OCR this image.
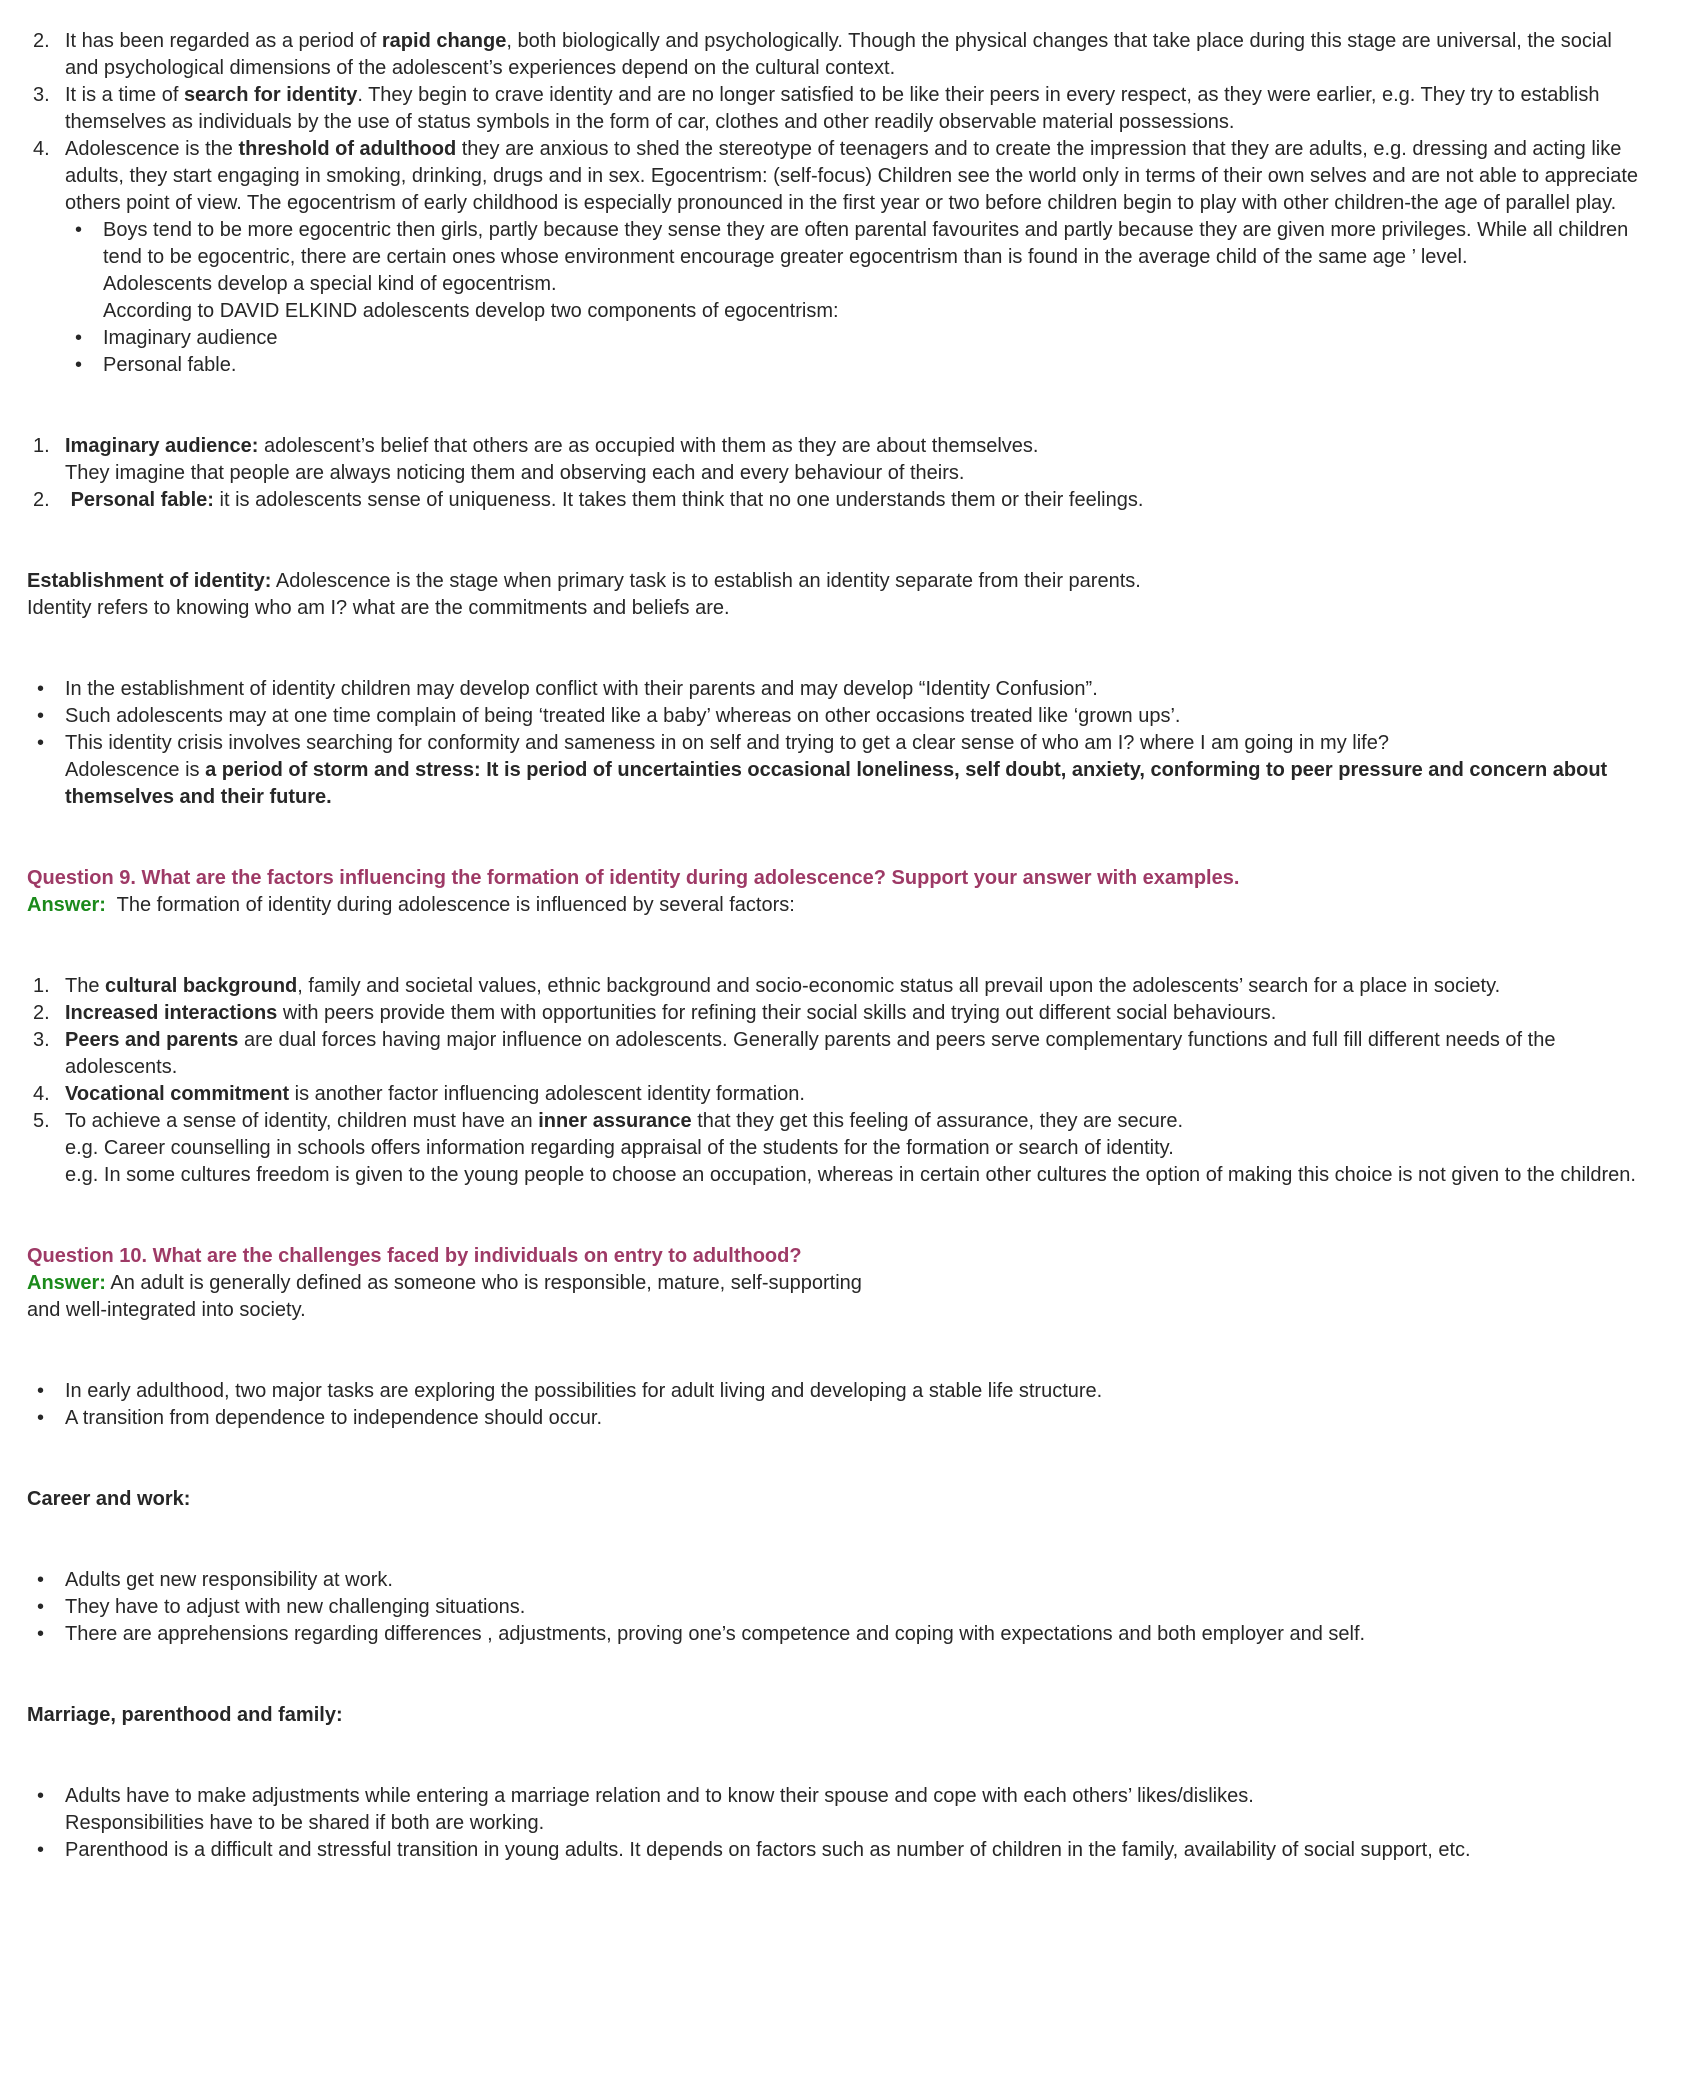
2. It has been regarded as a period of rapid change, both biologically and psychologically. Though the physical changes that take place during this stage are universal, the social and psychological dimensions of the adolescent’s experiences depend on the cultural context.
3. It is a time of search for identity. They begin to crave identity and are no longer satisfied to be like their peers in every respect, as they were earlier, e.g. They try to establish themselves as individuals by the use of status symbols in the form of car, clothes and other readily observable material possessions.
4. Adolescence is the threshold of adulthood they are anxious to shed the stereotype of teenagers and to create the impression that they are adults, e.g. dressing and acting like adults, they start engaging in smoking, drinking, drugs and in sex. Egocentrism: (self-focus) Children see the world only in terms of their own selves and are not able to appreciate others point of view. The egocentrism of early childhood is especially pronounced in the first year or two before children begin to play with other children-the age of parallel play.
•	Boys tend to be more egocentric then girls, partly because they sense they are often parental favourites and partly because they are given more privileges. While all children tend to be egocentric, there are certain ones whose environment encourage greater egocentrism than is found in the average child of the same age ’ level.
Adolescents develop a special kind of egocentrism.
According to DAVID ELKIND adolescents develop two components of egocentrism:
•	Imaginary audience
•	Personal fable.
1. Imaginary audience: adolescent’s belief that others are as occupied with them as they are about themselves.
They imagine that people are always noticing them and observing each and every behaviour of theirs.
2.	Personal fable: it is adolescents sense of uniqueness. It takes them think that no one understands them or their feelings.
Establishment of identity: Adolescence is the stage when primary task is to establish an identity separate from their parents.
Identity refers to knowing who am I? what are the commitments and beliefs are.
•	In the establishment of identity children may develop conflict with their parents and may develop “Identity Confusion”.
•	Such adolescents may at one time complain of being ‘treated like a baby’ whereas on other occasions treated like ‘grown ups’.
•	This identity crisis involves searching for conformity and sameness in on self and trying to get a clear sense of who am I? where I am going in my life?
Adolescence is a period of storm and stress: It is period of uncertainties occasional loneliness, self doubt, anxiety, conforming to peer pressure and concern about themselves and their future.
Question 9. What are the factors influencing the formation of identity during adolescence? Support your answer with examples.
Answer:  The formation of identity during adolescence is influenced by several factors:
1. The cultural background, family and societal values, ethnic background and socio-economic status all prevail upon the adolescents’ search for a place in society.
2. Increased interactions with peers provide them with opportunities for refining their social skills and trying out different social behaviours.
3. Peers and parents are dual forces having major influence on adolescents. Generally parents and peers serve complementary functions and full fill different needs of the adolescents.
4. Vocational commitment is another factor influencing adolescent identity formation.
5. To achieve a sense of identity, children must have an inner assurance that they get this feeling of assurance, they are secure.
e.g. Career counselling in schools offers information regarding appraisal of the students for the formation or search of identity.
e.g. In some cultures freedom is given to the young people to choose an occupation, whereas in certain other cultures the option of making this choice is not given to the children.
Question 10. What are the challenges faced by individuals on entry to adulthood?
Answer: An adult is generally defined as someone who is responsible, mature, self-supporting
and well-integrated into society.
•	In early adulthood, two major tasks are exploring the possibilities for adult living and developing a stable life structure.
•	A transition from dependence to independence should occur.
Career and work:
•	Adults get new responsibility at work.
•	They have to adjust with new challenging situations.
•	There are apprehensions regarding differences , adjustments, proving one’s competence and coping with expectations and both employer and self.
Marriage, parenthood and family:
•	Adults have to make adjustments while entering a marriage relation and to know their spouse and cope with each others’ likes/dislikes.
Responsibilities have to be shared if both are working.
•	Parenthood is a difficult and stressful transition in young adults. It depends on factors such as number of children in the family, availability of social support, etc.
